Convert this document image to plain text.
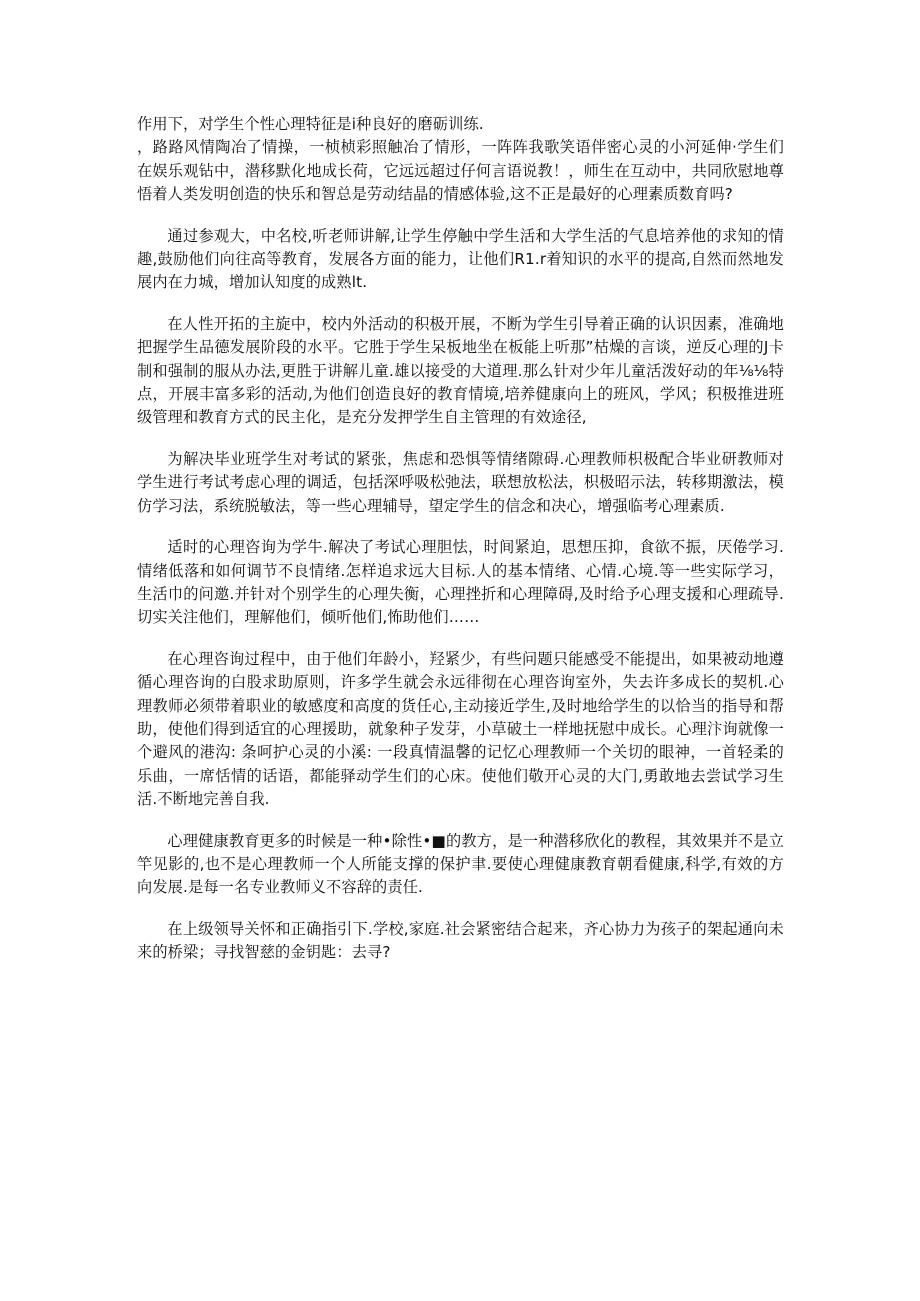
作用下，对学生个性心理特征是i种良好的磨砺训练.

，路路风情陶冶了情操，一桢桢彩照触冶了情形，一阵阵我歌笑语伴密心灵的小河延伸·学生们在娱乐观钻中，潜移默化地成长荷，它远远超过仔何言语说教！，师生在互动中，共同欣慰地尊悟着人类发明创造的快乐和智总是劳动结晶的情感体验,这不正是最好的心理素质数育吗?

通过参观大，中名校,听老师讲解,让学生停触中学生活和大学生活的气息培养他的求知的情趣,鼓励他们向往高等教育，发展各方面的能力，让他们R1.r着知识的水平的提高,自然而然地发展内在力城，增加认知度的成熟lt.

在人性开拓的主旋中，校内外活动的积极开展，不断为学生引导着正确的认识因素，准确地把握学生品德发展阶段的水平。它胜于学生呆板地坐在板能上听那”枯燥的言谈，逆反心理的J卡制和强制的服从办法,更胜于讲解儿童.雄以接受的大道理.那么针对少年儿童活泼好动的年⅛⅛特点，开展丰富多彩的活动,为他们创造良好的教育情境,培养健康向上的班风，学风；积极推进班级管理和教育方式的民主化，是充分发押学生自主管理的有效途径,

为解决毕业班学生对考试的紧张，焦虑和恐惧等情绪隙碍.心理教师枳极配合毕业研教师对学生进行考试考虑心理的调适，包括深呼吸松弛法，联想放松法，枳极昭示法，转移期激法，模仿学习法，系统脱敏法，等一些心理辅导，望定学生的信念和决心，增强临考心理素质.

适时的心理咨询为学牛.解决了考试心理胆怯，时间紧迫，思想压抑，食欲不振，厌倦学习.情绪低落和如何调节不良情绪.怎样追求远大目标.人的基本情绪、心情.心境.等一些实际学习，生活巾的问邀.并针对个别学生的心理失衡，心理挫折和心理障碍,及时给予心理支援和心理疏导.切实关注他们，理解他们，倾听他们,怖助他们……

在心理咨询过程中，由于他们年龄小，羟紧少，有些问题只能感受不能提出，如果被动地遵循心理咨询的白股求助原则，许多学生就会永远徘彻在心理咨询室外，失去许多成长的契机.心理教师必须带着职业的敏感度和高度的货任心,主动接近学生,及时地给学生的以恰当的指导和帮助，使他们得到适宜的心理援助，就象种子发芽，小草破土一样地抚慰中成长。心理汴询就像一个避风的港沟: 条呵护心灵的小溪: 一段真情温馨的记忆心理教师一个关切的眼神，一首轻柔的乐曲，一席恬情的话语，都能驿动学生们的心床。使他们敬开心灵的大门,勇敢地去尝试学习生活.不断地完善自我.

心理健康教育更多的时候是一种•除性•■的教方，是一种潜移欣化的教程，其效果并不是立竿见影的,也不是心理教师一个人所能支撑的保护聿.要使心理健康教育朝看健康,科学,有效的方向发展.是每一名专业教师义不容辞的责任.

在上级领导关怀和正确指引下.学校,家庭.社会紧密结合起来，齐心协力为孩子的架起通向未来的桥梁；寻找智慈的金钥匙：去寻?
